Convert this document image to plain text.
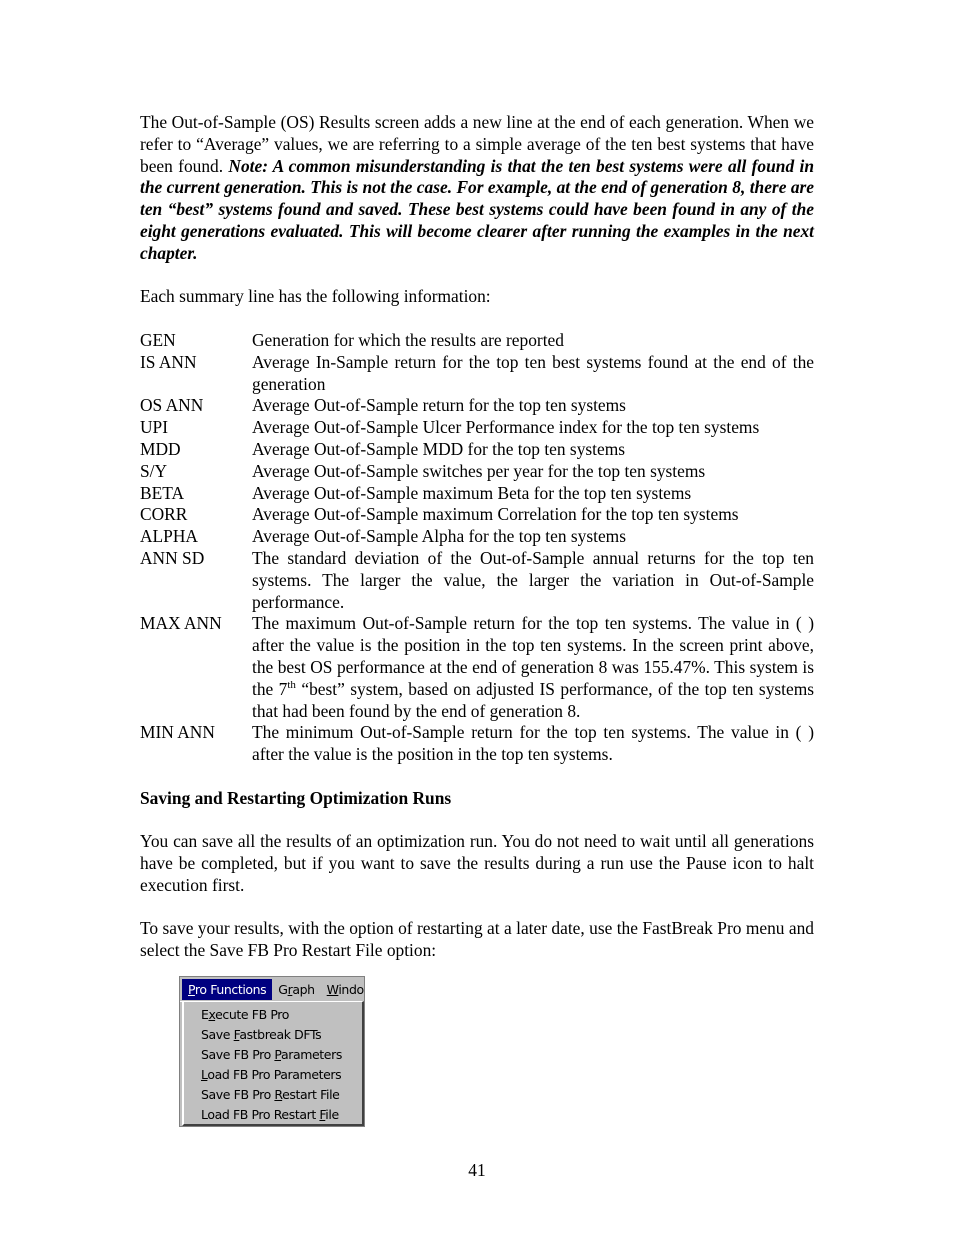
The Out-of-Sample (OS) Results screen adds a new line at the end of each generation. When we refer to “Average” values, we are referring to a simple average of the ten best systems that have been found. Note: A common misunderstanding is that the ten best systems were all found in the current generation. This is not the case. For example, at the end of generation 8, there are ten “best” systems found and saved. These best systems could have been found in any of the eight generations evaluated. This will become clearer after running the examples in the next chapter.

Each summary line has the following information:

GEN	Generation for which the results are reported
IS ANN	Average In-Sample return for the top ten best systems found at the end of the generation
OS ANN	Average Out-of-Sample return for the top ten systems
UPI	Average Out-of-Sample Ulcer Performance index for the top ten systems
MDD	Average Out-of-Sample MDD for the top ten systems
S/Y	Average Out-of-Sample switches per year for the top ten systems
BETA	Average Out-of-Sample maximum Beta for the top ten systems
CORR	Average Out-of-Sample maximum Correlation for the top ten systems
ALPHA	Average Out-of-Sample Alpha for the top ten systems
ANN SD	The standard deviation of the Out-of-Sample annual returns for the top ten systems. The larger the value, the larger the variation in Out-of-Sample performance.
MAX ANN	The maximum Out-of-Sample return for the top ten systems. The value in ( ) after the value is the position in the top ten systems. In the screen print above, the best OS performance at the end of generation 8 was 155.47%. This system is the 7th “best” system, based on adjusted IS performance, of the top ten systems that had been found by the end of generation 8.
MIN ANN	The minimum Out-of-Sample return for the top ten systems. The value in ( ) after the value is the position in the top ten systems.
Saving and Restarting Optimization Runs

You can save all the results of an optimization run. You do not need to wait until all generations have be completed, but if you want to save the results during a run use the Pause icon to halt execution first.

To save your results, with the option of restarting at a later date, use the FastBreak Pro menu and select the Save FB Pro Restart File option:

Pro Functions Graph Windo
Execute FB Pro
Save Fastbreak DFTs
Save FB Pro Parameters
Load FB Pro Parameters
Save FB Pro Restart File
Load FB Pro Restart File
41
